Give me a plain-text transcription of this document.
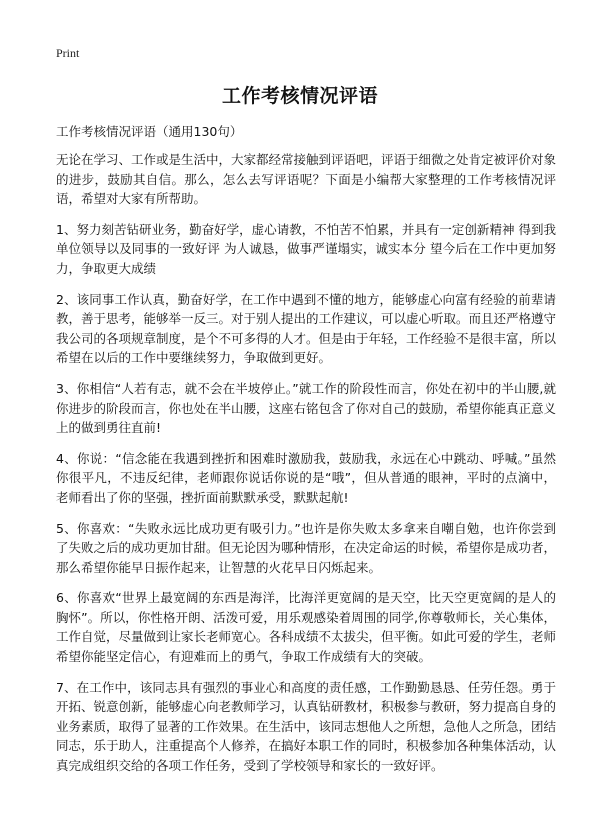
Print
工作考核情况评语
工作考核情况评语（通用130句）

无论在学习、工作或是生活中，大家都经常接触到评语吧，评语于细微之处肯定被评价对象的进步，鼓励其自信。那么，怎么去写评语呢？下面是小编帮大家整理的工作考核情况评语，希望对大家有所帮助。

1、努力刻苦钻研业务，勤奋好学，虚心请教，不怕苦不怕累，并具有一定创新精神 得到我单位领导以及同事的一致好评 为人诚恳，做事严谨塌实，诚实本分 望今后在工作中更加努力，争取更大成绩

2、该同事工作认真，勤奋好学，在工作中遇到不懂的地方，能够虚心向富有经验的前辈请教，善于思考，能够举一反三。对于别人提出的工作建议，可以虚心听取。而且还严格遵守我公司的各项规章制度，是个不可多得的人才。但是由于年轻，工作经验不是很丰富，所以希望在以后的工作中要继续努力，争取做到更好。

3、你相信“人若有志，就不会在半坡停止。”就工作的阶段性而言，你处在初中的半山腰,就你进步的阶段而言，你也处在半山腰，这座右铭包含了你对自己的鼓励，希望你能真正意义上的做到勇往直前!

4、你说：“信念能在我遇到挫折和困难时激励我，鼓励我，永远在心中跳动、呼喊。”虽然你很平凡，不违反纪律，老师跟你说话你说的是“哦”，但从普通的眼神，平时的点滴中，老师看出了你的坚强，挫折面前默默承受，默默起航!

5、你喜欢：“失败永远比成功更有吸引力。”也许是你失败太多拿来自嘲自勉，也许你尝到了失败之后的成功更加甘甜。但无论因为哪种情形，在决定命运的时候，希望你是成功者，那么希望你能早日振作起来，让智慧的火花早日闪烁起来。

6、你喜欢“世界上最宽阔的东西是海洋，比海洋更宽阔的是天空，比天空更宽阔的是人的胸怀”。所以，你性格开朗、活泼可爱，用乐观感染着周围的同学,你尊敬师长，关心集体，工作自觉，尽量做到让家长老师宽心。各科成绩不太拔尖，但平衡。如此可爱的学生，老师希望你能坚定信心，有迎难而上的勇气，争取工作成绩有大的突破。

7、在工作中，该同志具有强烈的事业心和高度的责任感，工作勤勤恳恳、任劳任怨。勇于开拓、锐意创新，能够虚心向老教师学习，认真钻研教材，积极参与教研，努力提高自身的业务素质，取得了显著的工作效果。在生活中，该同志想他人之所想，急他人之所急，团结同志，乐于助人，注重提高个人修养，在搞好本职工作的同时，积极参加各种集体活动，认真完成组织交给的各项工作任务，受到了学校领导和家长的一致好评。
